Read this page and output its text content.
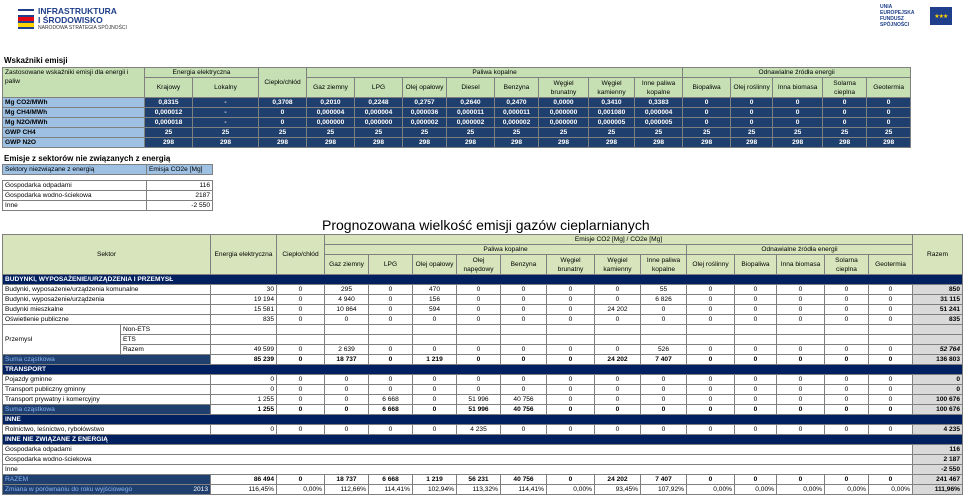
INFRASTRUKTURA
I ŚRODOWISKO
NARODOWA STRATEGIA SPÓJNOŚCI
UNIA EUROPEJSKA
FUNDUSZ SPÓJNOŚCI
★★★
Wskaźniki emisji
Zastosowane wskaźniki emisji dla energii i paliw	Energia elektryczna		Ciepło/chłód	Paliwa kopalne								Odnawialne źródła energii				
	Krajowy	Lokalny		Gaz ziemny	LPG	Olej opałowy	Diesel	Benzyna	Węgiel brunatny	Węgiel kamienny	Inne paliwa kopalne	Biopaliwa	Olej roślinny	Inna biomasa	Solarna cieplna	Geotermia
Mg CO2/MWh	0,8315	-	0,3708	0,2010	0,2248	0,2757	0,2640	0,2470	0,0000	0,3410	0,3383	0	0	0	0	0
Mg CH4/MWh	0,000012	-	0	0,000004	0,000004	0,000036	0,000011	0,000011	0,000000	0,001080	0,000004	0	0	0	0	0
Mg N2O/MWh	0,000018	-	0	0,000000	0,000000	0,000002	0,000002	0,000002	0,000000	0,000005	0,000005	0	0	0	0	0
GWP CH4	25	25	25	25	25	25	25	25	25	25	25	25	25	25	25	25
GWP N2O	298	298	298	298	298	298	298	298	298	298	298	298	298	298	298	298
Emisje z sektorów nie związanych z energią
Sektory niezwiązane z energią	Emisja CO2e [Mg]

Gospodarka odpadami	116
Gospodarka wodno-ściekowa	2187
Inne	-2 550
Prognozowana wielkość emisji gazów cieplarnianych
Sektor		Energia elektryczna	Ciepło/chłód	Emisje CO2 [Mg] / CO2e [Mg]													Razem
				Paliwa kopalne								Odnawialne źródła energii					
				Gaz ziemny	LPG	Olej opałowy	Olej napędowy	Benzyna	Węgiel brunatny	Węgiel kamienny	Inne paliwa kopalne	Olej roślinny	Biopaliwa	Inna biomasa	Solarna cieplna	Geotermia	
BUDYNKI, WYPOSAŻENIE/URZĄDZENIA I PRZEMYSŁ																	
Budynki, wyposażenie/urządzenia komunalne		30	0	295	0	470	0	0	0	0	55	0	0	0	0	0	850
Budynki, wyposażenie/urządzenia		19 194	0	4 940	0	156	0	0	0	0	6 826	0	0	0	0	0	31 115
Budynki mieszkalne		15 581	0	10 864	0	594	0	0	0	24 202	0	0	0	0	0	0	51 241
Oświetlenie publiczne		835	0	0	0	0	0	0	0	0	0	0	0	0	0	0	835
Przemysł	Non-ETS																
	ETS																
	Razem	49 599	0	2 639	0	0	0	0	0	0	526	0	0	0	0	0	52 764
Suma cząstkowa		85 239	0	18 737	0	1 219	0	0	0	24 202	7 407	0	0	0	0	0	136 803
TRANSPORT																	
Pojazdy gminne		0	0	0	0	0	0	0	0	0	0	0	0	0	0	0	0
Transport publiczny gminny		0	0	0	0	0	0	0	0	0	0	0	0	0	0	0	0
Transport prywatny i komercyjny		1 255	0	0	6 668	0	51 996	40 756	0	0	0	0	0	0	0	0	100 676
Suma cząstkowa		1 255	0	0	6 668	0	51 996	40 756	0	0	0	0	0	0	0	0	100 676
INNE																	
Rolnictwo, leśnictwo, rybołówstwo		0	0	0	0	0	4 235	0	0	0	0	0	0	0	0	0	4 235
INNE NIE ZWIĄZANE Z ENERGIĄ																	
Gospodarka odpadami																	116
Gospodarka wodno-ściekowa																	2 187
Inne																	-2 550
RAZEM		86 494	0	18 737	6 668	1 219	56 231	40 756	0	24 202	7 407	0	0	0	0	0	241 467
Zmiana w porównaniu do roku wyjściowego 2013		116,45%	0,00%	112,66%	114,41%	102,94%	113,32%	114,41%	0,00%	93,45%	107,92%	0,00%	0,00%	0,00%	0,00%	0,00%	111,96%
